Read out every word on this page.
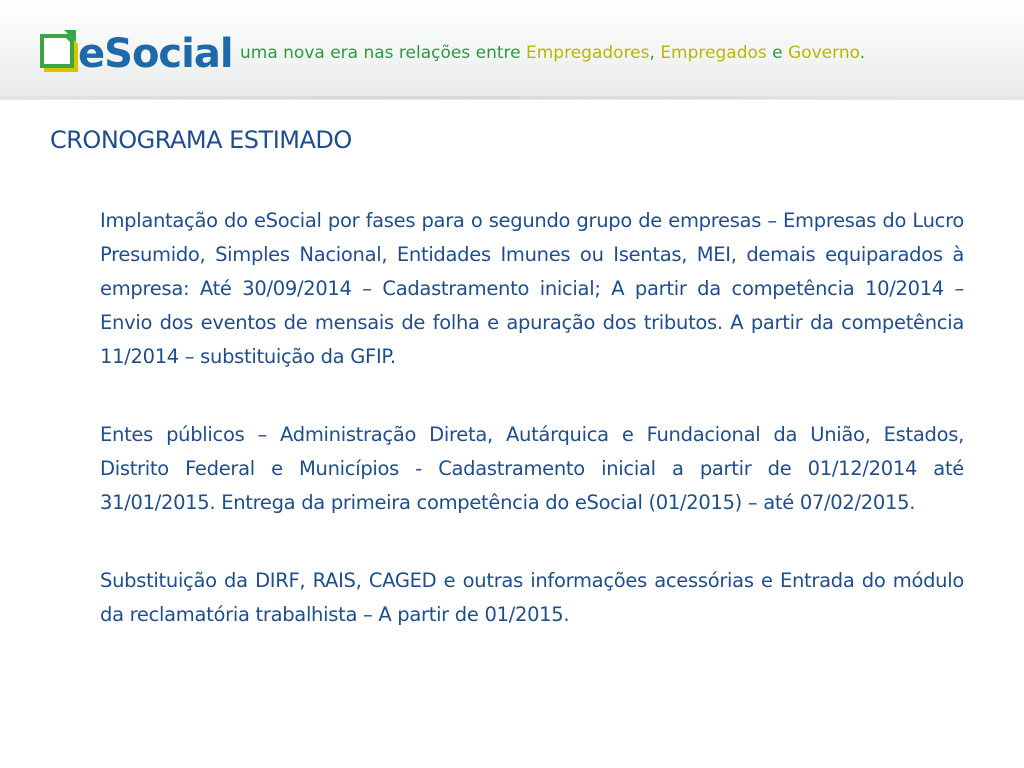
eSocial uma nova era nas relações entre Empregadores, Empregados e Governo.
CRONOGRAMA ESTIMADO

Implantação do eSocial por fases para o segundo grupo de empresas – Empresas do Lucro Presumido, Simples Nacional, Entidades Imunes ou Isentas, MEI, demais equiparados à empresa: Até 30/09/2014 – Cadastramento inicial; A partir da competência 10/2014 – Envio dos eventos de mensais de folha e apuração dos tributos. A partir da competência 11/2014 – substituição da GFIP.

Entes públicos – Administração Direta, Autárquica e Fundacional da União, Estados, Distrito Federal e Municípios - Cadastramento inicial a partir de 01/12/2014 até 31/01/2015. Entrega da primeira competência do eSocial (01/2015) – até 07/02/2015.

Substituição da DIRF, RAIS, CAGED e outras informações acessórias e Entrada do módulo da reclamatória trabalhista – A partir de 01/2015.
